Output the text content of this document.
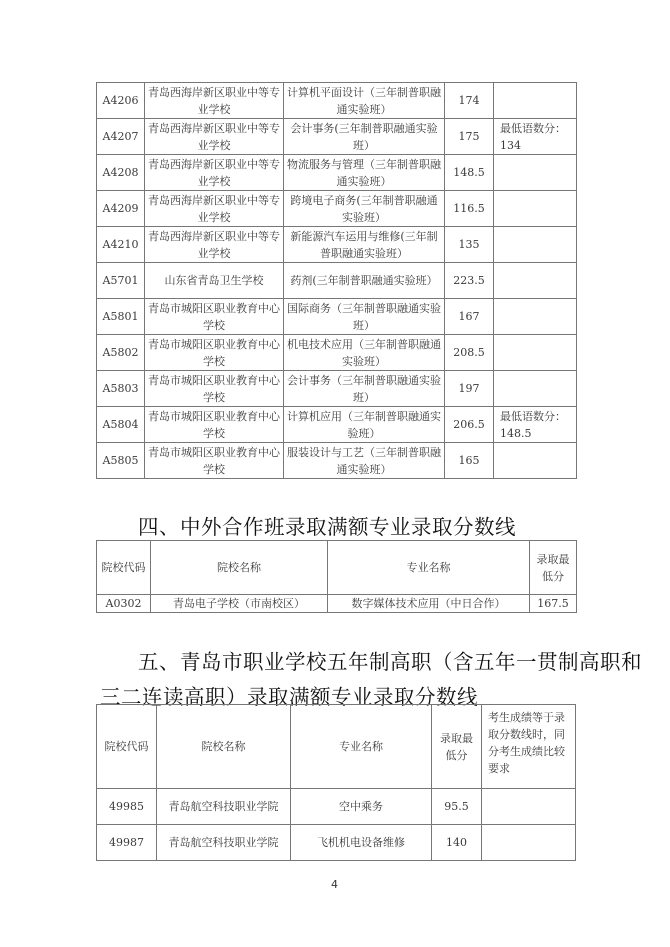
A4206	青岛西海岸新区职业中等专业学校	计算机平面设计（三年制普职融通实验班）	174	
A4207	青岛西海岸新区职业中等专业学校	会计事务(三年制普职融通实验班）	175	最低语数分：134
A4208	青岛西海岸新区职业中等专业学校	物流服务与管理（三年制普职融通实验班）	148.5	
A4209	青岛西海岸新区职业中等专业学校	跨境电子商务(三年制普职融通实验班）	116.5	
A4210	青岛西海岸新区职业中等专业学校	新能源汽车运用与维修(三年制普职融通实验班）	135	
A5701	山东省青岛卫生学校	药剂(三年制普职融通实验班）	223.5	
A5801	青岛市城阳区职业教育中心学校	国际商务（三年制普职融通实验班）	167	
A5802	青岛市城阳区职业教育中心学校	机电技术应用（三年制普职融通实验班）	208.5	
A5803	青岛市城阳区职业教育中心学校	会计事务（三年制普职融通实验班）	197	
A5804	青岛市城阳区职业教育中心学校	计算机应用（三年制普职融通实验班）	206.5	最低语数分：148.5
A5805	青岛市城阳区职业教育中心学校	服装设计与工艺（三年制普职融通实验班）	165	
四、中外合作班录取满额专业录取分数线
院校代码	院校名称	专业名称	录取最低分
A0302	青岛电子学校（市南校区）	数字媒体技术应用（中日合作）	167.5
五、青岛市职业学校五年制高职（含五年一贯制高职和
三二连读高职）录取满额专业录取分数线
院校代码	院校名称	专业名称	录取最低分	考生成绩等于录取分数线时，同分考生成绩比较要求
49985	青岛航空科技职业学院	空中乘务	95.5	
49987	青岛航空科技职业学院	飞机机电设备维修	140	
4
